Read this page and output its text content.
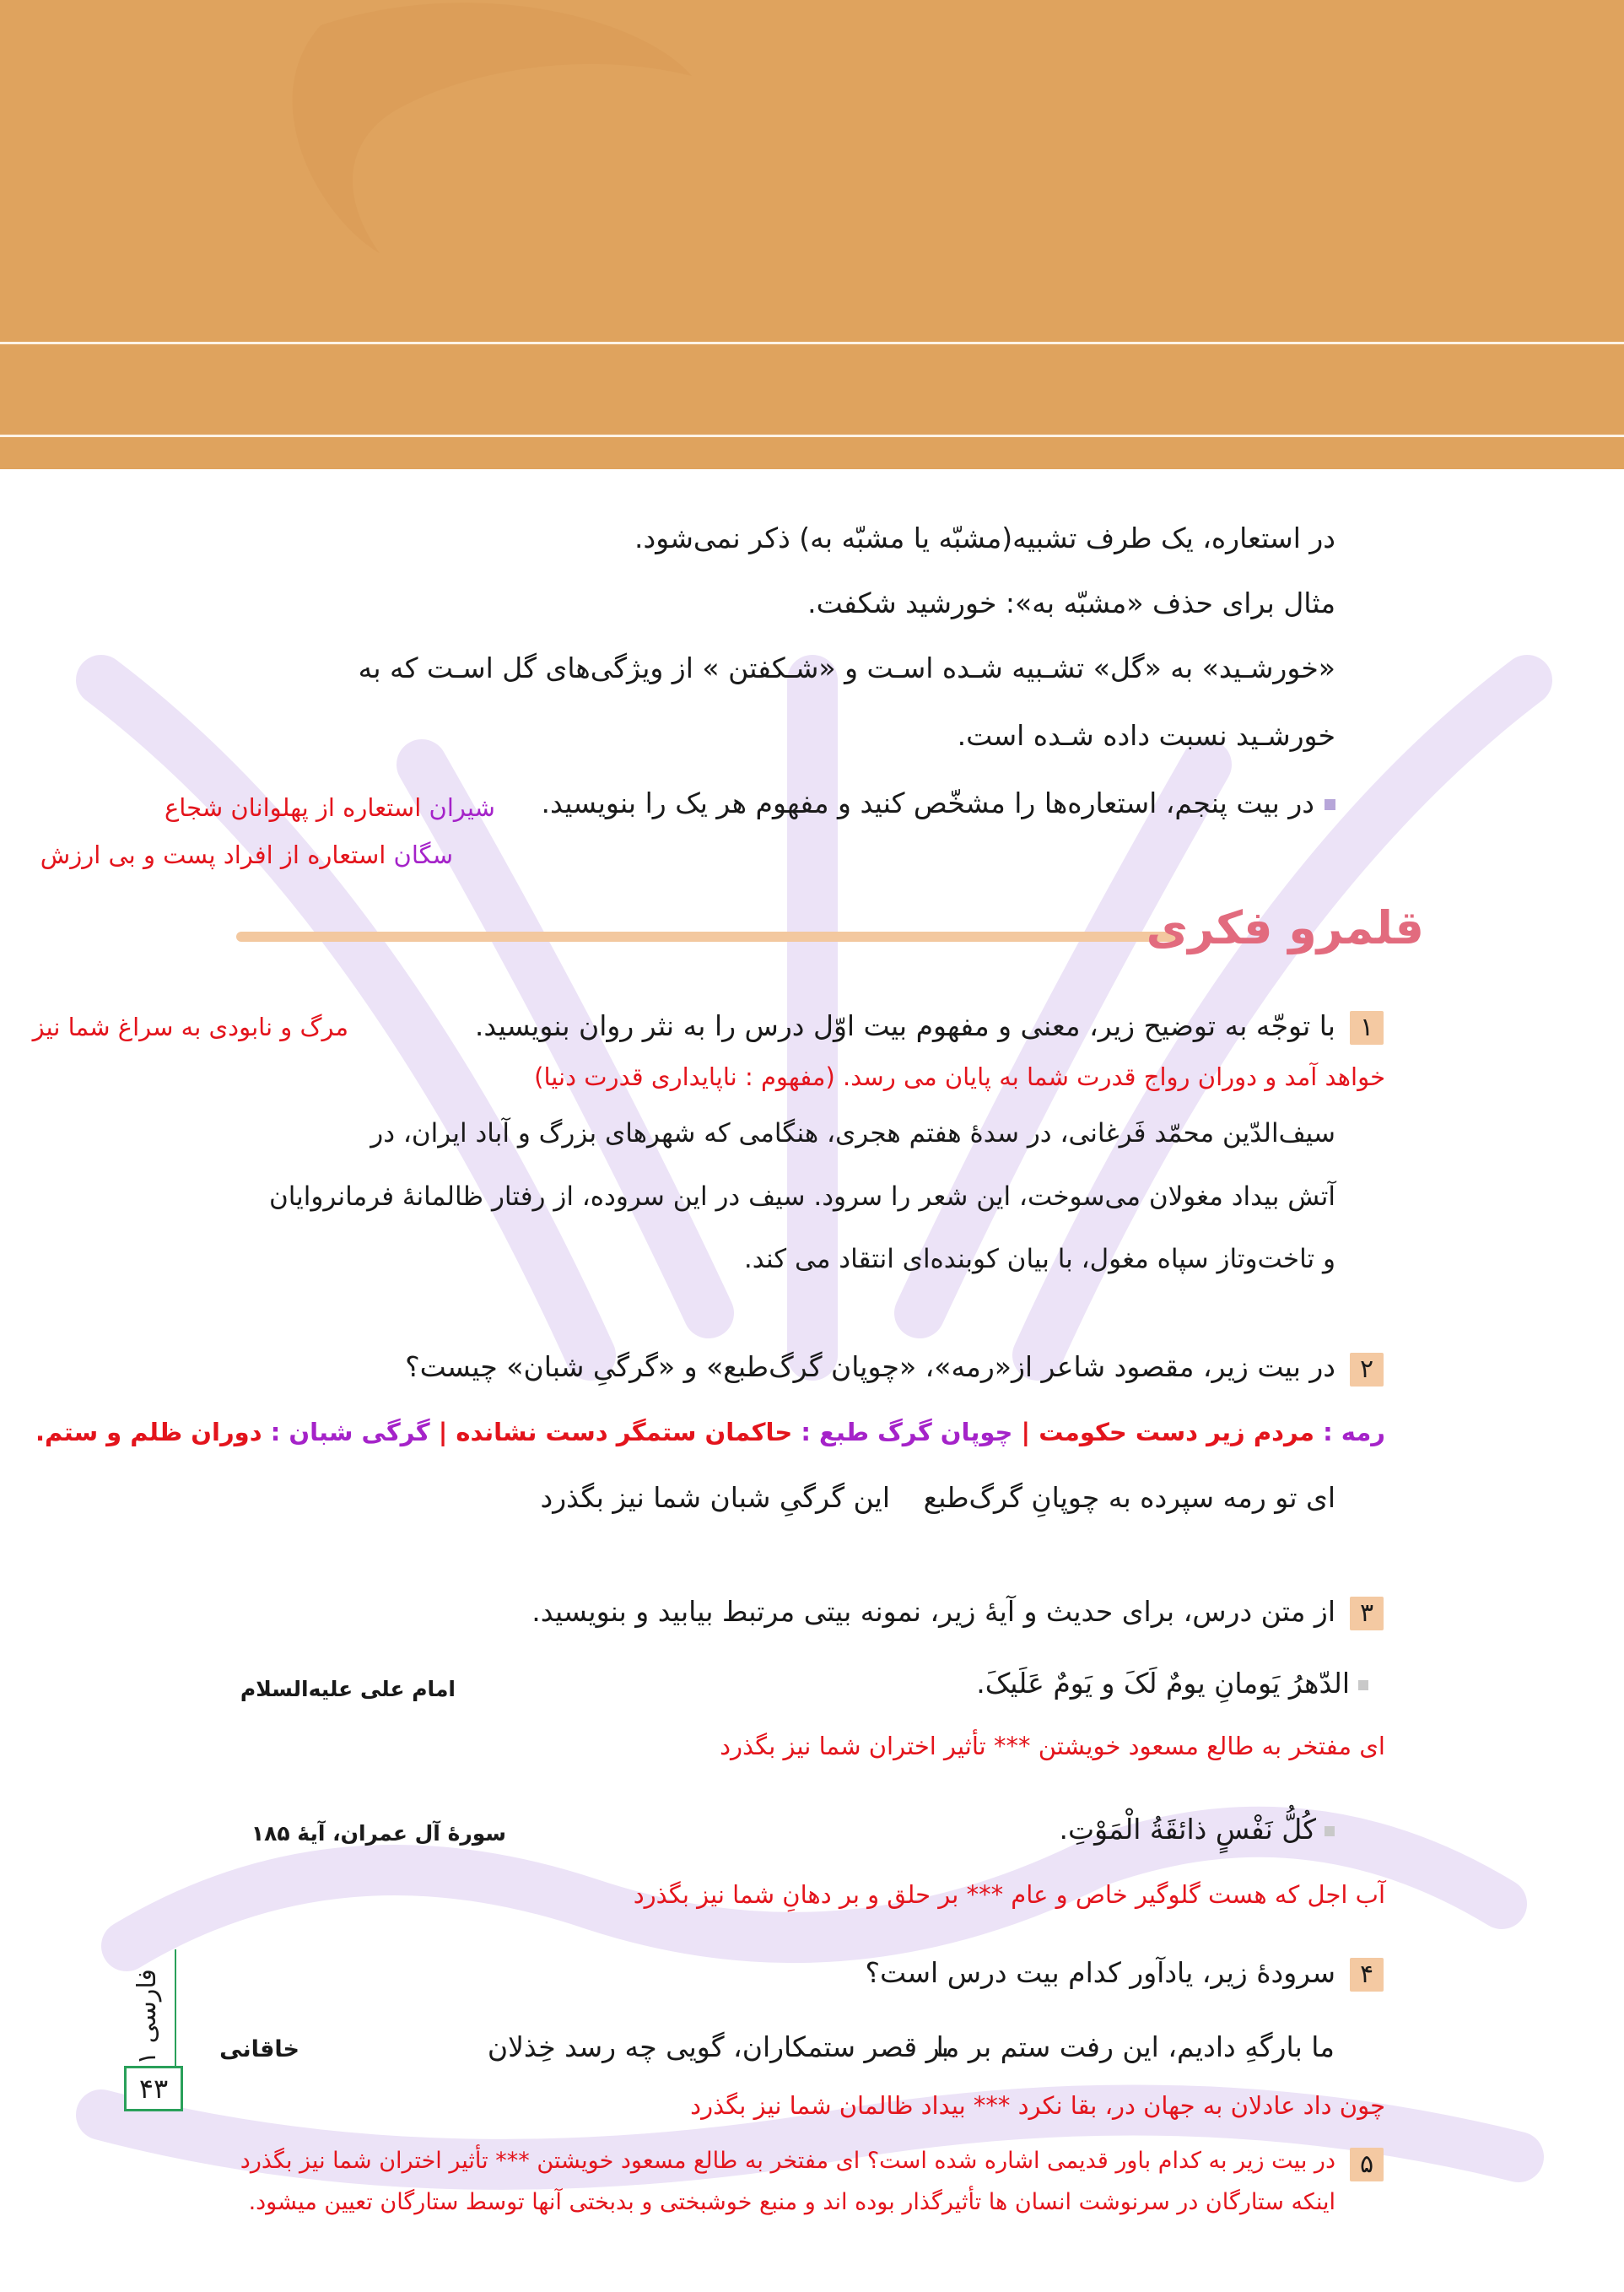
در استعاره، یک طرف تشبیه(مشبّه یا مشبّه به) ذکر نمی‌شود.
مثال برای حذف «مشبّه به»: خورشید شکفت.
«خورشـید» به «گل» تشـبیه شـده اسـت و «شـکفتن » از ویژگی‌های گل اسـت که به
خورشـید نسبت داده شـده است.
در بیت پنجم، استعاره‌ها را مشخّص کنید و مفهوم هر یک را بنویسید.
شیران استعاره از پهلوانان شجاع
سگان استعاره از افراد پست و بی ارزش
قلمرو فکری
۱
با توجّه به توضیح زیر، معنی و مفهوم بیت اوّل درس را به نثر روان بنویسید.
مرگ و نابودی به سراغ شما نیز
خواهد آمد و دوران رواج قدرت شما به پایان می رسد. (مفهوم : ناپایداری قدرت دنیا)
سیف‌الدّین محمّد فَرغانی، در سدهٔ هفتم هجری، هنگامی که شهرهای بزرگ و آباد ایران، در
آتش بیداد مغولان می‌سوخت، این شعر را سرود. سیف در این سروده، از رفتار ظالمانهٔ فرمانروایان
و تاخت‌وتاز سپاه مغول، با بیان کوبنده‌ای انتقاد می کند.
۲
در بیت زیر، مقصود شاعر از«رمه»، «چوپان گرگ‌طبع» و «گرگیِ شبان» چیست؟
رمه : مردم زیر دست حکومت | چوپان گرگ طبع : حاکمان ستمگر دست نشانده | گرگی شبان : دوران ظلم و ستم.
ای تو رمه سپرده به چوپانِ گرگ‌طبع
این گرگیِ شبان شما نیز بگذرد
۳
از متن درس، برای حدیث و آیهٔ زیر، نمونه بیتی مرتبط بیابید و بنویسید.
الدّهرُ یَومانِ یومٌ لَکَ و یَومٌ عَلَیکَ.
امام علی علیه‌السلام
ای مفتخر به طالع مسعود خویشتن *** تأثیر اختران شما نیز بگذرد
کُلُّ نَفْسٍ ذائقَةُ الْمَوْتِ.
سورهٔ آل عمران، آیهٔ ۱۸۵
آب اجل که هست گلوگیر خاص و عام *** بر حلق و بر دهانِ شما نیز بگذرد
۴
سرودهٔ زیر، یادآور کدام بیت درس است؟
ما بارگهِ دادیم، این رفت ستم بر ما
بر قصر ستمکاران، گویی چه رسد خِذلان
خاقانی
چون داد عادلان به جهان در، بقا نکرد *** بیداد ظالمان شما نیز بگذرد
۵
در بیت زیر به کدام باور قدیمی اشاره شده است؟ ای مفتخر به طالع مسعود خویشتن *** تأثیر اختران شما نیز بگذرد
اینکه ستارگان در سرنوشت انسان ها تأثیرگذار بوده اند و منبع خوشبختی و بدبختی آنها توسط ستارگان تعیین میشود.
فارسی ۱
۴۳
